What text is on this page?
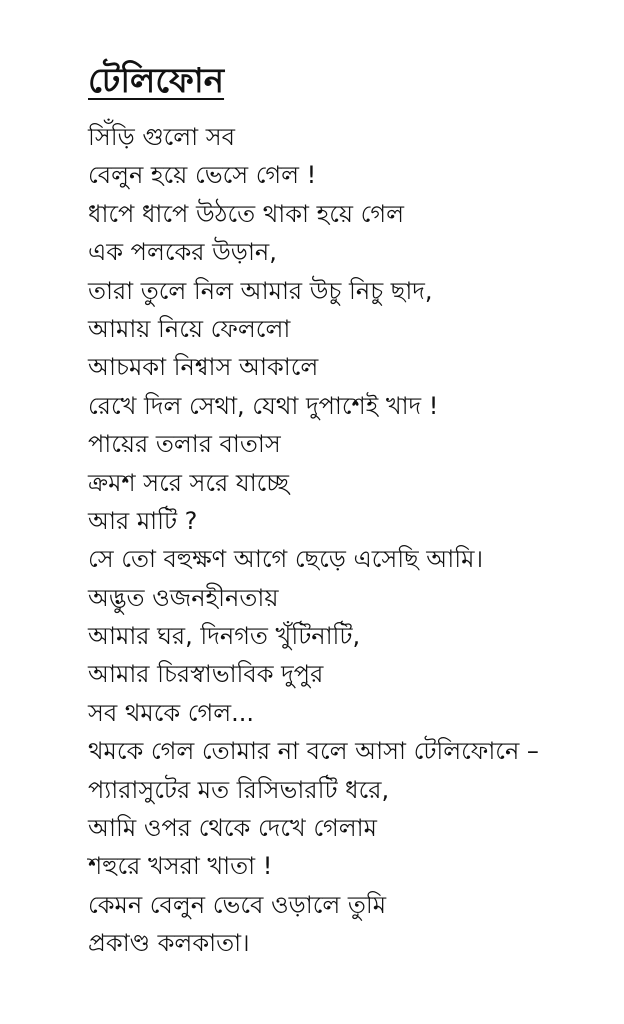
টেলিফোন
সিঁড়ি গুলো সব
বেলুন হয়ে ভেসে গেল !
ধাপে ধাপে উঠতে থাকা হয়ে গেল
এক পলকের উড়ান,
তারা তুলে নিল আমার উচু নিচু ছাদ,
আমায় নিয়ে ফেললো
আচমকা নিশ্বাস আকালে
রেখে দিল সেথা, যেথা দুপাশেই খাদ !
পায়ের তলার বাতাস
ক্রমশ সরে সরে যাচ্ছে
আর মাটি ?
সে তো বহুক্ষণ আগে ছেড়ে এসেছি আমি।
অদ্ভুত ওজনহীনতায়
আমার ঘর, দিনগত খুঁটিনাটি,
আমার চিরস্বাভাবিক দুপুর
সব থমকে গেল...
থমকে গেল তোমার না বলে আসা টেলিফোনে –
প্যারাসুটের মত রিসিভারটি ধরে,
আমি ওপর থেকে দেখে গেলাম
শহুরে খসরা খাতা !
কেমন বেলুন ভেবে ওড়ালে তুমি
প্রকাণ্ড কলকাতা।
